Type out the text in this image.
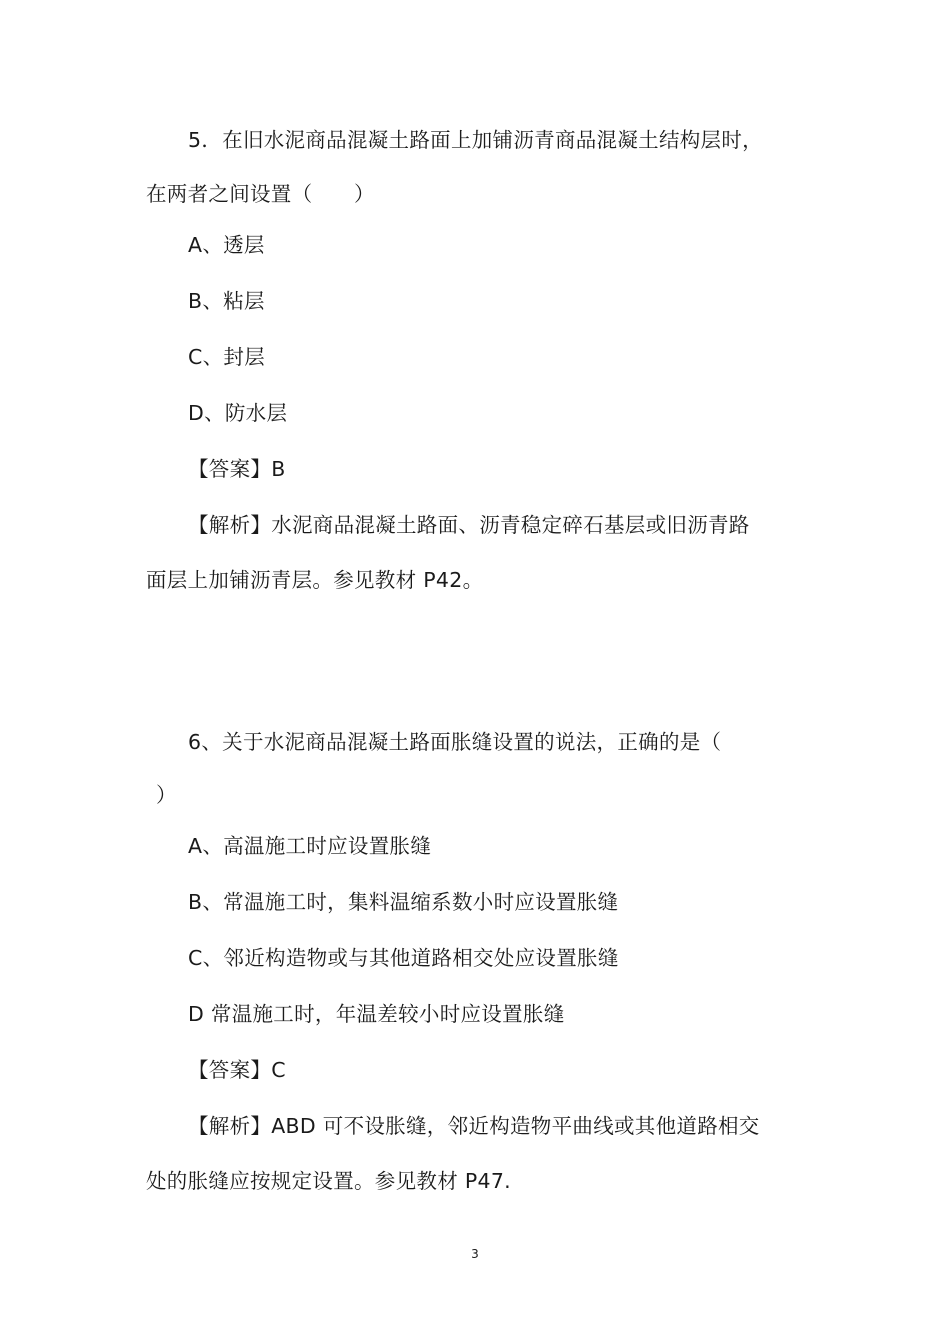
5．在旧水泥商品混凝土路面上加铺沥青商品混凝土结构层时，
在两者之间设置（　　）
A、透层
B、粘层
C、封层
D、防水层
【答案】B
【解析】水泥商品混凝土路面、沥青稳定碎石基层或旧沥青路
面层上加铺沥青层。参见教材 P42。
6、关于水泥商品混凝土路面胀缝设置的说法，正确的是（
）
A、高温施工时应设置胀缝
B、常温施工时，集料温缩系数小时应设置胀缝
C、邻近构造物或与其他道路相交处应设置胀缝
D 常温施工时，年温差较小时应设置胀缝
【答案】C
【解析】ABD 可不设胀缝，邻近构造物平曲线或其他道路相交
处的胀缝应按规定设置。参见教材 P47.
3
